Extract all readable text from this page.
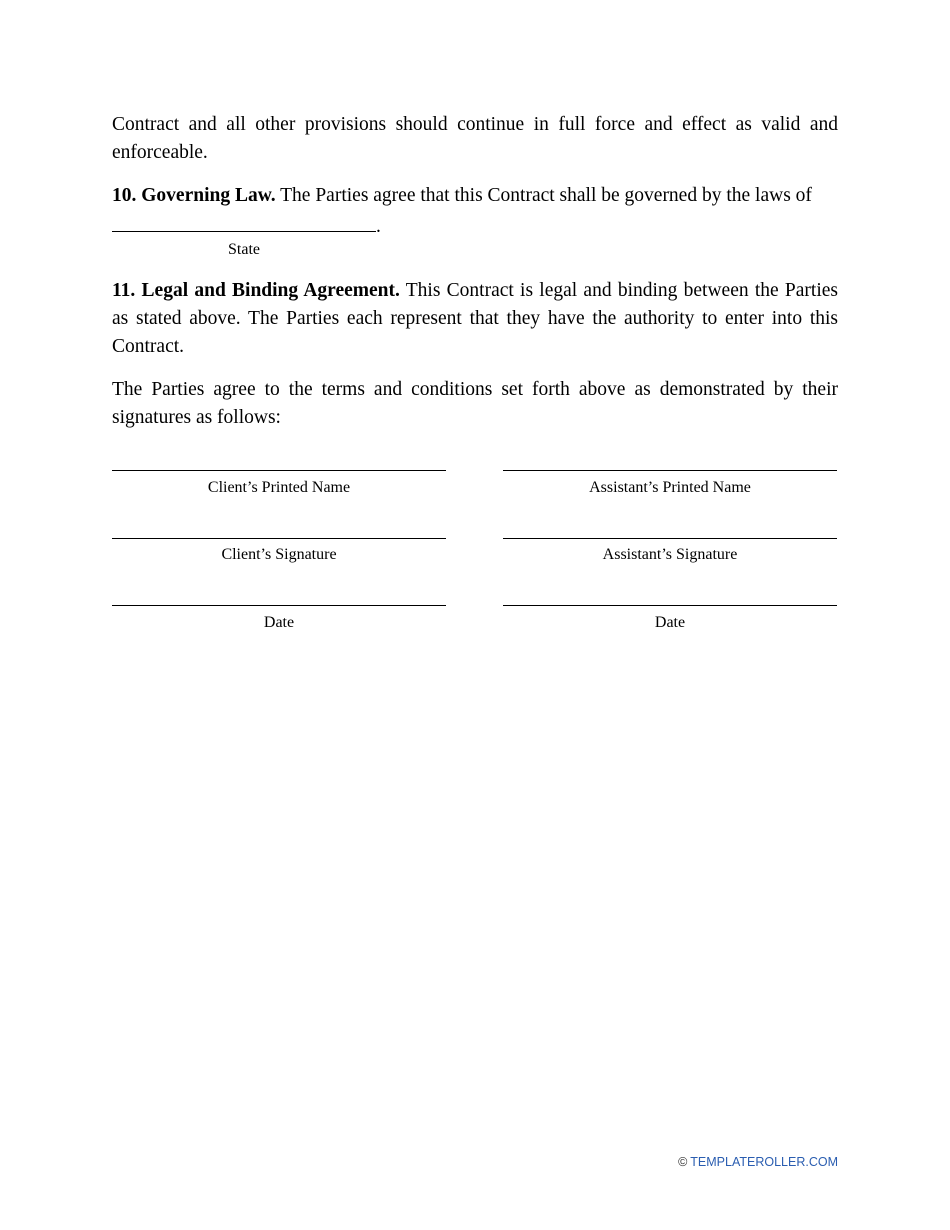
Contract and all other provisions should continue in full force and effect as valid and enforceable.

10. Governing Law. The Parties agree that this Contract shall be governed by the laws of

.
State

11. Legal and Binding Agreement. This Contract is legal and binding between the Parties as stated above. The Parties each represent that they have the authority to enter into this Contract.

The Parties agree to the terms and conditions set forth above as demonstrated by their signatures as follows:

Client’s Printed Name	Assistant’s Printed Name
Client’s Signature	Assistant’s Signature
Date	Date
© TEMPLATEROLLER.COM
